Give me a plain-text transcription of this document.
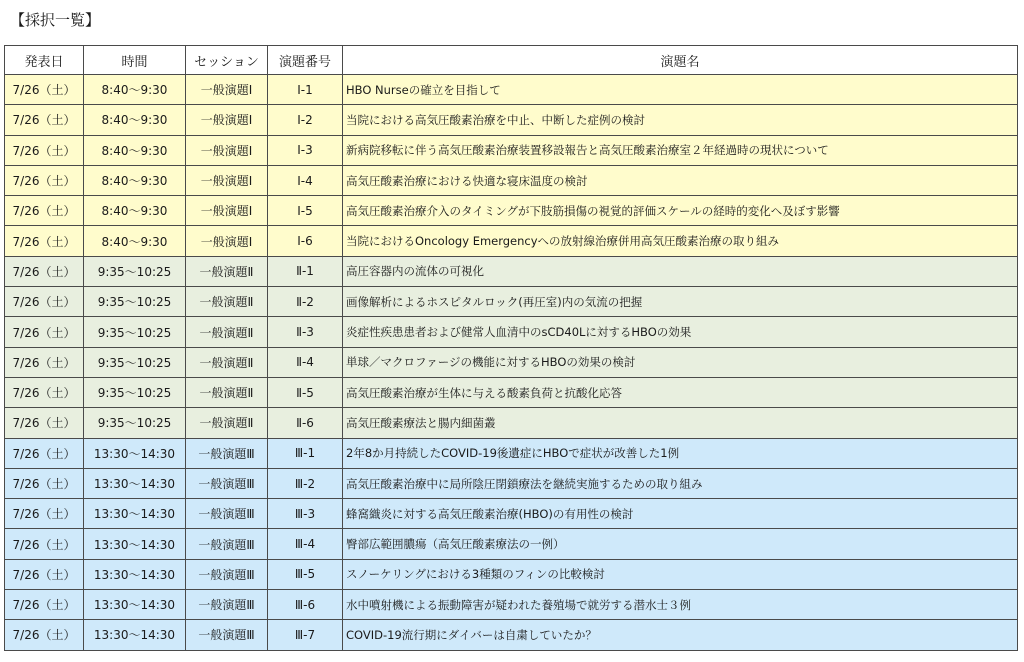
【採択一覧】
発表日	時間	セッション	演題番号	演題名
7/26（土）	8:40～9:30	一般演題Ⅰ	Ⅰ-1	HBO Nurseの確立を目指して
7/26（土）	8:40～9:30	一般演題Ⅰ	Ⅰ-2	当院における高気圧酸素治療を中止、中断した症例の検討
7/26（土）	8:40～9:30	一般演題Ⅰ	Ⅰ-3	新病院移転に伴う高気圧酸素治療装置移設報告と高気圧酸素治療室２年経過時の現状について
7/26（土）	8:40～9:30	一般演題Ⅰ	Ⅰ-4	高気圧酸素治療における快適な寝床温度の検討
7/26（土）	8:40～9:30	一般演題Ⅰ	Ⅰ-5	高気圧酸素治療介入のタイミングが下肢筋損傷の視覚的評価スケールの経時的変化へ及ぼす影響
7/26（土）	8:40～9:30	一般演題Ⅰ	Ⅰ-6	当院におけるOncology Emergencyへの放射線治療併用高気圧酸素治療の取り組み
7/26（土）	9:35～10:25	一般演題Ⅱ	Ⅱ-1	高圧容器内の流体の可視化
7/26（土）	9:35～10:25	一般演題Ⅱ	Ⅱ-2	画像解析によるホスピタルロック(再圧室)内の気流の把握
7/26（土）	9:35～10:25	一般演題Ⅱ	Ⅱ-3	炎症性疾患患者および健常人血清中のsCD40Lに対するHBOの効果
7/26（土）	9:35～10:25	一般演題Ⅱ	Ⅱ-4	単球／マクロファージの機能に対するHBOの効果の検討
7/26（土）	9:35～10:25	一般演題Ⅱ	Ⅱ-5	高気圧酸素治療が生体に与える酸素負荷と抗酸化応答
7/26（土）	9:35～10:25	一般演題Ⅱ	Ⅱ-6	高気圧酸素療法と腸内細菌叢
7/26（土）	13:30～14:30	一般演題Ⅲ	Ⅲ-1	2年8か月持続したCOVID-19後遺症にHBOで症状が改善した1例
7/26（土）	13:30～14:30	一般演題Ⅲ	Ⅲ-2	高気圧酸素治療中に局所陰圧閉鎖療法を継続実施するための取り組み
7/26（土）	13:30～14:30	一般演題Ⅲ	Ⅲ-3	蜂窩織炎に対する高気圧酸素治療(HBO)の有用性の検討
7/26（土）	13:30～14:30	一般演題Ⅲ	Ⅲ-4	臀部広範囲膿瘍（高気圧酸素療法の一例）
7/26（土）	13:30～14:30	一般演題Ⅲ	Ⅲ-5	スノーケリングにおける3種類のフィンの比較検討
7/26（土）	13:30～14:30	一般演題Ⅲ	Ⅲ-6	水中噴射機による振動障害が疑われた養殖場で就労する潜水士３例
7/26（土）	13:30～14:30	一般演題Ⅲ	Ⅲ-7	COVID-19流行期にダイバーは自粛していたか？
